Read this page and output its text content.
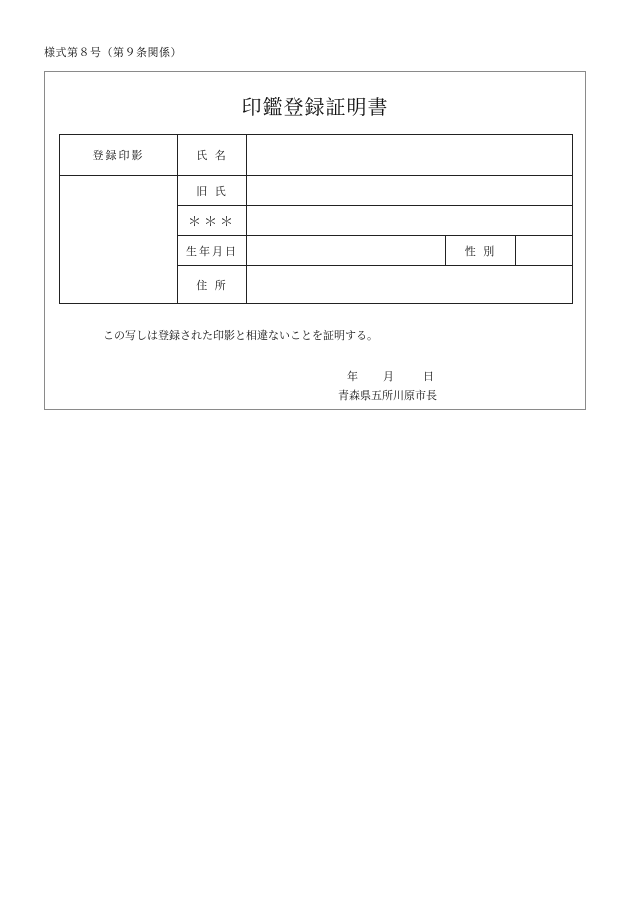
様式第８号（第９条関係）
印鑑登録証明書
登録印影	氏 名
旧 氏
＊＊＊
生年月日	性 別
住 所
この写しは登録された印影と相違ないことを証明する。
年 月	日
青森県五所川原市長
